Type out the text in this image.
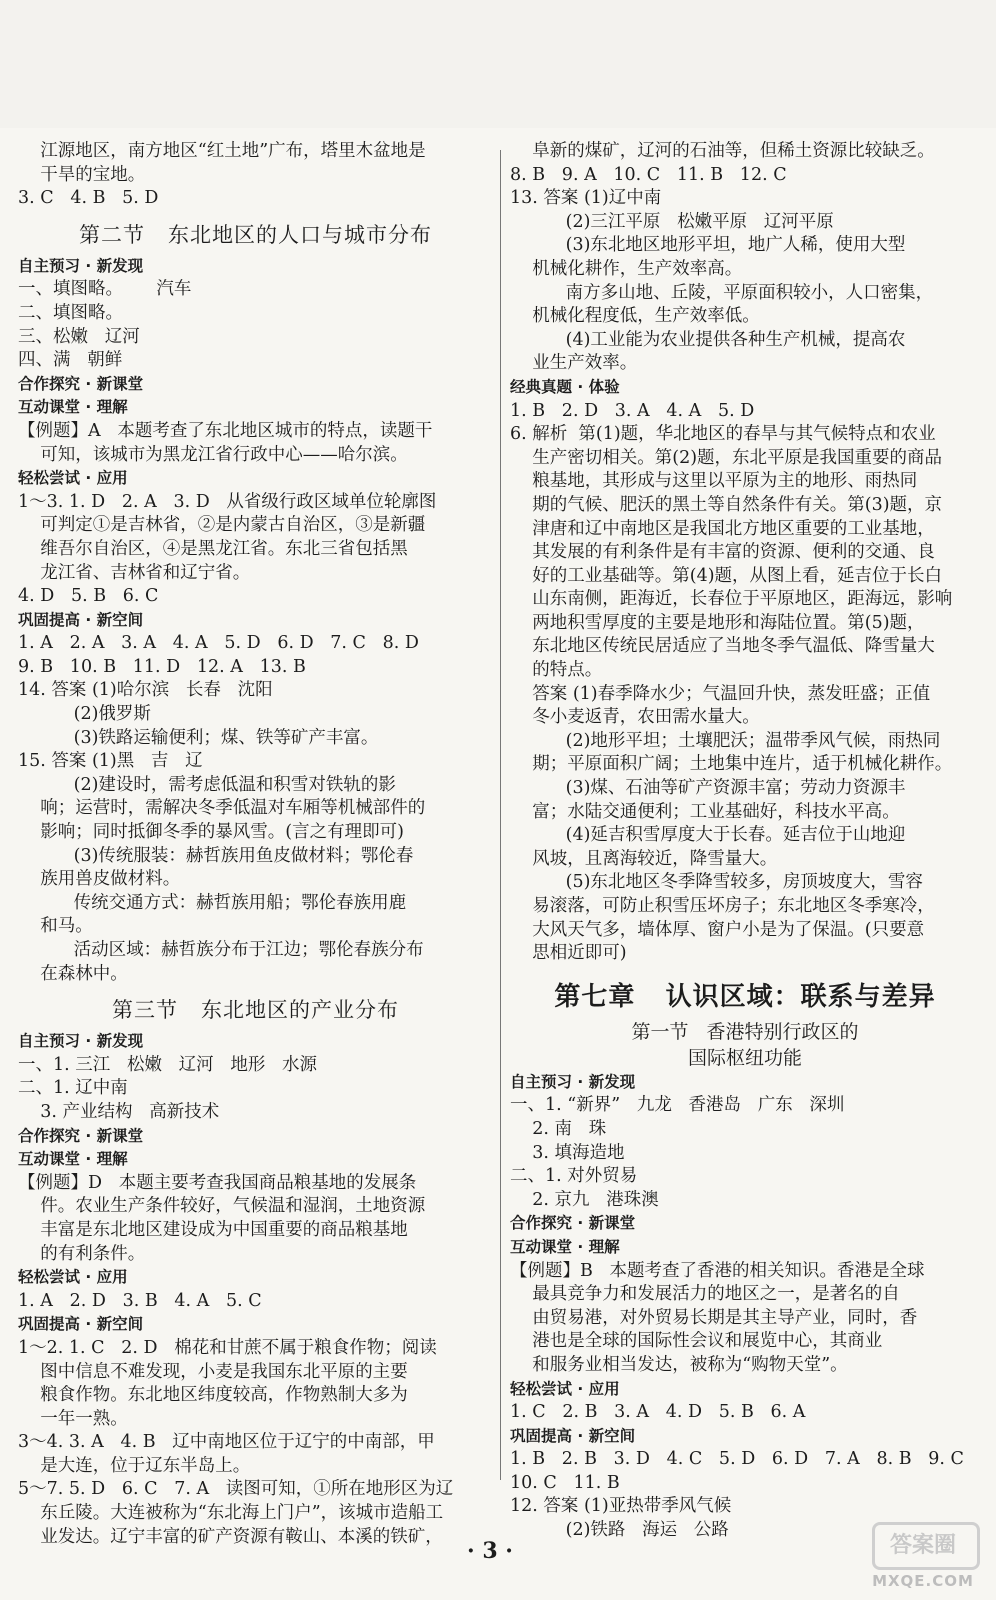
江源地区，南方地区“红土地”广布，塔里木盆地是
干旱的宝地。
3. C   4. B   5. D
第二节   东北地区的人口与城市分布
自主预习 · 新发现
一、填图略。      汽车
二、填图略。
三、松嫩   辽河
四、满   朝鲜
合作探究 · 新课堂
互动课堂 · 理解
【例题】A   本题考查了东北地区城市的特点，读题干
可知，该城市为黑龙江省行政中心——哈尔滨。
轻松尝试 · 应用
1～3. 1. D   2. A   3. D   从省级行政区域单位轮廓图
可判定①是吉林省，②是内蒙古自治区，③是新疆
维吾尔自治区，④是黑龙江省。东北三省包括黑
龙江省、吉林省和辽宁省。
4. D   5. B   6. C
巩固提高 · 新空间
1. A   2. A   3. A   4. A   5. D   6. D   7. C   8. D
9. B   10. B   11. D   12. A   13. B
14. 答案 (1)哈尔滨   长春   沈阳
(2)俄罗斯
(3)铁路运输便利；煤、铁等矿产丰富。
15. 答案 (1)黑   吉   辽
(2)建设时，需考虑低温和积雪对铁轨的影
响；运营时，需解决冬季低温对车厢等机械部件的
影响；同时抵御冬季的暴风雪。(言之有理即可)
(3)传统服装：赫哲族用鱼皮做材料；鄂伦春
族用兽皮做材料。
传统交通方式：赫哲族用船；鄂伦春族用鹿
和马。
活动区域：赫哲族分布于江边；鄂伦春族分布
在森林中。
第三节   东北地区的产业分布
自主预习 · 新发现
一、1. 三江   松嫩   辽河   地形   水源
二、1. 辽中南
3. 产业结构   高新技术
合作探究 · 新课堂
互动课堂 · 理解
【例题】D   本题主要考查我国商品粮基地的发展条
件。农业生产条件较好，气候温和湿润，土地资源
丰富是东北地区建设成为中国重要的商品粮基地
的有利条件。
轻松尝试 · 应用
1. A   2. D   3. B   4. A   5. C
巩固提高 · 新空间
1～2. 1. C   2. D   棉花和甘蔗不属于粮食作物；阅读
图中信息不难发现，小麦是我国东北平原的主要
粮食作物。东北地区纬度较高，作物熟制大多为
一年一熟。
3～4. 3. A   4. B   辽中南地区位于辽宁的中南部，甲
是大连，位于辽东半岛上。
5～7. 5. D   6. C   7. A   读图可知，①所在地形区为辽
东丘陵。大连被称为“东北海上门户”，该城市造船工
业发达。辽宁丰富的矿产资源有鞍山、本溪的铁矿，
阜新的煤矿，辽河的石油等，但稀土资源比较缺乏。
8. B   9. A   10. C   11. B   12. C
13. 答案 (1)辽中南
(2)三江平原   松嫩平原   辽河平原
(3)东北地区地形平坦，地广人稀，使用大型
机械化耕作，生产效率高。
南方多山地、丘陵，平原面积较小，人口密集，
机械化程度低，生产效率低。
(4)工业能为农业提供各种生产机械，提高农
业生产效率。
经典真题 · 体验
1. B   2. D   3. A   4. A   5. D
6. 解析  第(1)题，华北地区的春旱与其气候特点和农业
生产密切相关。第(2)题，东北平原是我国重要的商品
粮基地，其形成与这里以平原为主的地形、雨热同
期的气候、肥沃的黑土等自然条件有关。第(3)题，京
津唐和辽中南地区是我国北方地区重要的工业基地，
其发展的有利条件是有丰富的资源、便利的交通、良
好的工业基础等。第(4)题，从图上看，延吉位于长白
山东南侧，距海近，长春位于平原地区，距海远，影响
两地积雪厚度的主要是地形和海陆位置。第(5)题，
东北地区传统民居适应了当地冬季气温低、降雪量大
的特点。
答案 (1)春季降水少；气温回升快，蒸发旺盛；正值
冬小麦返青，农田需水量大。
(2)地形平坦；土壤肥沃；温带季风气候，雨热同
期；平原面积广阔；土地集中连片，适于机械化耕作。
(3)煤、石油等矿产资源丰富；劳动力资源丰
富；水陆交通便利；工业基础好，科技水平高。
(4)延吉积雪厚度大于长春。延吉位于山地迎
风坡，且离海较近，降雪量大。
(5)东北地区冬季降雪较多，房顶坡度大，雪容
易滚落，可防止积雪压坏房子；东北地区冬季寒冷，
大风天气多，墙体厚、窗户小是为了保温。(只要意
思相近即可)
第七章   认识区域：联系与差异
第一节   香港特别行政区的
国际枢纽功能
自主预习 · 新发现
一、1. “新界”   九龙   香港岛   广东   深圳
2. 南   珠
3. 填海造地
二、1. 对外贸易
2. 京九   港珠澳
合作探究 · 新课堂
互动课堂 · 理解
【例题】B   本题考查了香港的相关知识。香港是全球
最具竞争力和发展活力的地区之一，是著名的自
由贸易港，对外贸易长期是其主导产业，同时，香
港也是全球的国际性会议和展览中心，其商业
和服务业相当发达，被称为“购物天堂”。
轻松尝试 · 应用
1. C   2. B   3. A   4. D   5. B   6. A
巩固提高 · 新空间
1. B   2. B   3. D   4. C   5. D   6. D   7. A   8. B   9. C
10. C   11. B
12. 答案 (1)亚热带季风气候
(2)铁路   海运   公路
· 3 ·	答案圈
MXQE.COM
